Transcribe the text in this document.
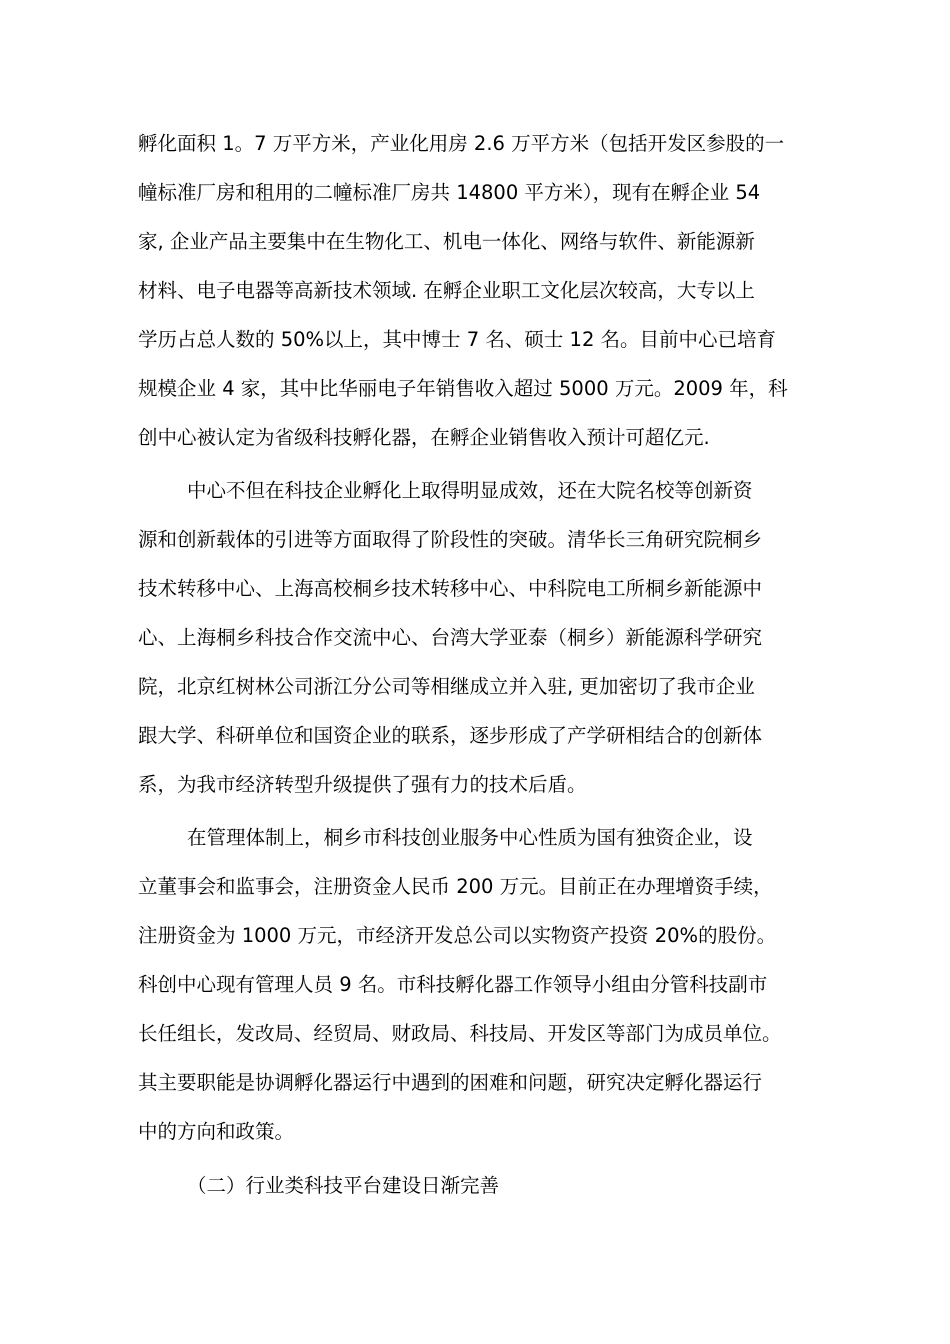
孵化面积 1。7 万平方米，产业化用房 2.6 万平方米（包括开发区参股的一
幢标准厂房和租用的二幢标准厂房共 14800 平方米），现有在孵企业 54
家, 企业产品主要集中在生物化工、机电一体化、网络与软件、新能源新
材料、电子电器等高新技术领域. 在孵企业职工文化层次较高，大专以上
学历占总人数的 50%以上，其中博士 7 名、硕士 12 名。目前中心已培育
规模企业 4 家，其中比华丽电子年销售收入超过 5000 万元。2009 年，科
创中心被认定为省级科技孵化器，在孵企业销售收入预计可超亿元.
中心不但在科技企业孵化上取得明显成效，还在大院名校等创新资
源和创新载体的引进等方面取得了阶段性的突破。清华长三角研究院桐乡
技术转移中心、上海高校桐乡技术转移中心、中科院电工所桐乡新能源中
心、上海桐乡科技合作交流中心、台湾大学亚泰（桐乡）新能源科学研究
院，北京红树林公司浙江分公司等相继成立并入驻, 更加密切了我市企业
跟大学、科研单位和国资企业的联系，逐步形成了产学研相结合的创新体
系，为我市经济转型升级提供了强有力的技术后盾。
在管理体制上，桐乡市科技创业服务中心性质为国有独资企业，设
立董事会和监事会，注册资金人民币 200 万元。目前正在办理增资手续，
注册资金为 1000 万元，市经济开发总公司以实物资产投资 20%的股份。
科创中心现有管理人员 9 名。市科技孵化器工作领导小组由分管科技副市
长任组长，发改局、经贸局、财政局、科技局、开发区等部门为成员单位。
其主要职能是协调孵化器运行中遇到的困难和问题，研究决定孵化器运行
中的方向和政策。
（二）行业类科技平台建设日渐完善
